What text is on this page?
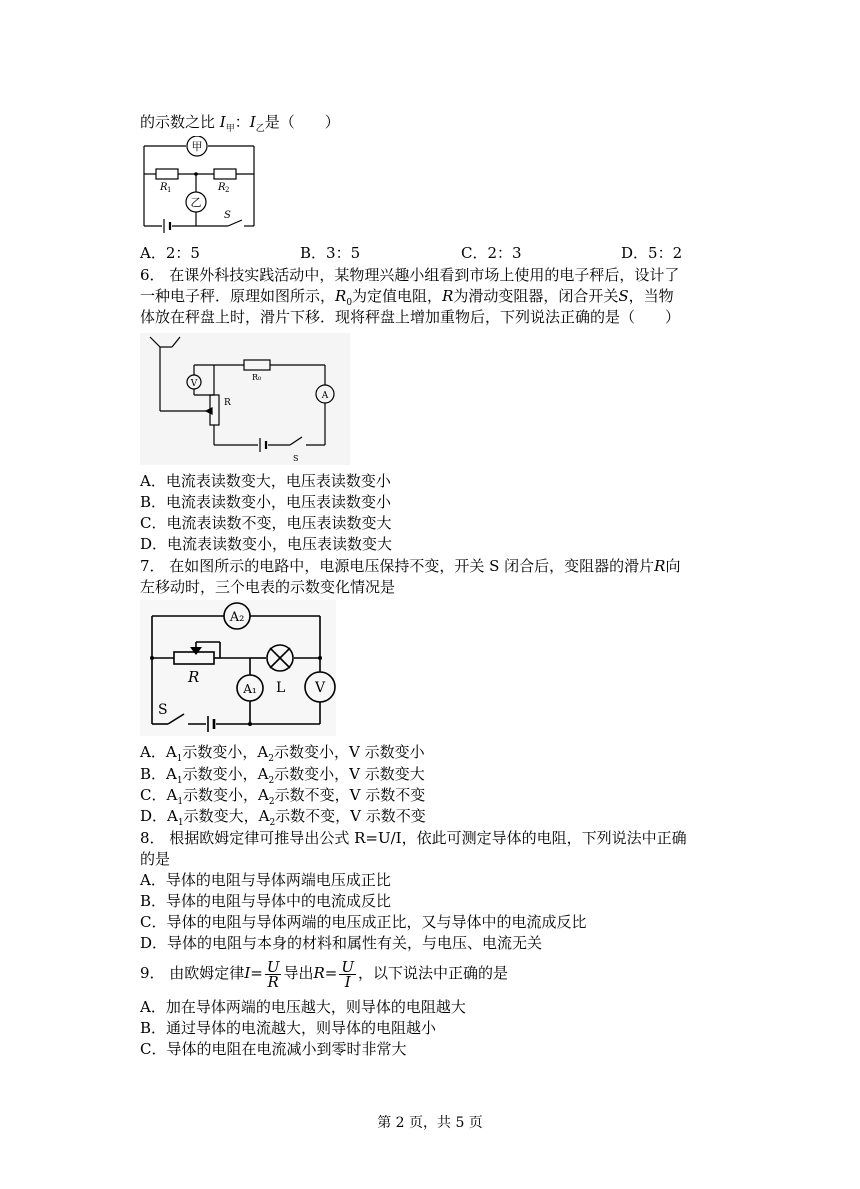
的示数之比 $I_甲$：$I_乙$是（　　）
甲
乙
R 1	R 2
S
A．2：5	B．3：5	C．2：3	D．5：2
6． 在课外科技实践活动中，某物理兴趣小组看到市场上使用的电子秤后，设计了
一种电子秤．原理如图所示，$R_0$为定值电阻，R为滑动变阻器，闭合开关S，当物
体放在秤盘上时，滑片下移．现将秤盘上增加重物后，下列说法正确的是（　　）
V
R₀
R
A
S
A．电流表读数变大，电压表读数变小
B．电流表读数变小，电压表读数变小
C．电流表读数不变，电压表读数变大
D．电流表读数变小，电压表读数变大
7． 在如图所示的电路中，电源电压保持不变，开关 S 闭合后，变阻器的滑片R向
左移动时，三个电表的示数变化情况是
A₂
A₁
R
L V
S
A．$A_1$示数变小，$A_2$示数变小，V 示数变小
B．$A_1$示数变小，$A_2$示数变小，V 示数变大
C．$A_1$示数变小，$A_2$示数不变，V 示数不变
D．$A_1$示数变大，$A_2$示数不变，V 示数不变
8． 根据欧姆定律可推导出公式 R=U/I，依此可测定导体的电阻，下列说法中正确
的是
A．导体的电阻与导体两端电压成正比
B．导体的电阻与导体中的电流成反比
C．导体的电阻与导体两端的电压成正比，又与导体中的电流成反比
D．导体的电阻与本身的材料和属性有关，与电压、电流无关
9． 由欧姆定律$I= \frac{U}{R}$ 导出$R= \frac{U}{I}$ ，以下说法中正确的是
A．加在导体两端的电压越大，则导体的电阻越大
B．通过导体的电流越大，则导体的电阻越小
C．导体的电阻在电流减小到零时非常大
第 2 页，共 5 页
